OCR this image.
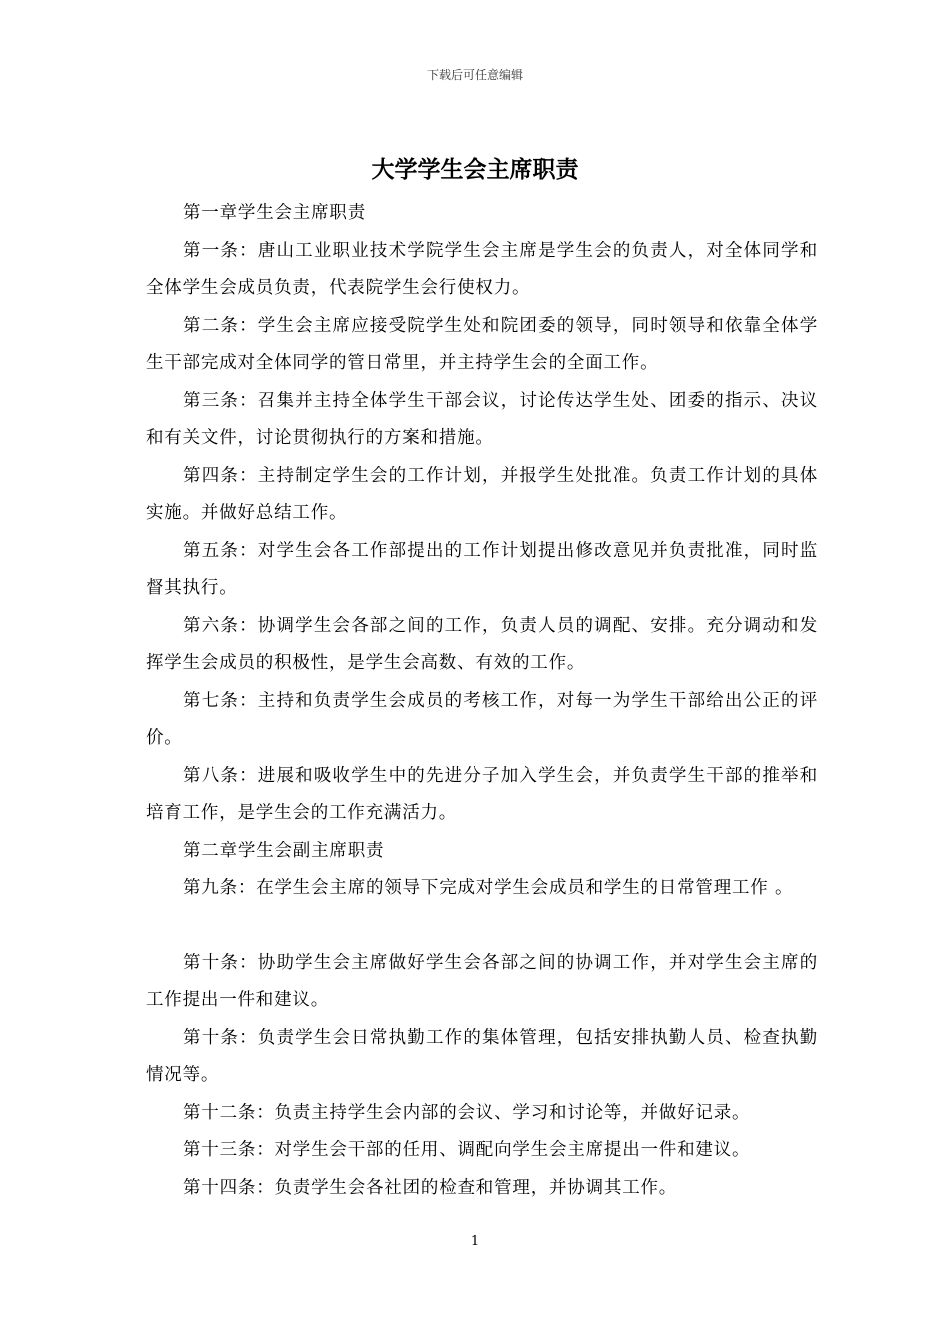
下载后可任意编辑
大学学生会主席职责

第一章学生会主席职责

第一条：唐山工业职业技术学院学生会主席是学生会的负责人，对全体同学和全体学生会成员负责，代表院学生会行使权力。

第二条：学生会主席应接受院学生处和院团委的领导，同时领导和依靠全体学生干部完成对全体同学的管日常里，并主持学生会的全面工作。

第三条：召集并主持全体学生干部会议，讨论传达学生处、团委的指示、决议和有关文件，讨论贯彻执行的方案和措施。

第四条：主持制定学生会的工作计划，并报学生处批准。负责工作计划的具体实施。并做好总结工作。

第五条：对学生会各工作部提出的工作计划提出修改意见并负责批准，同时监督其执行。

第六条：协调学生会各部之间的工作，负责人员的调配、安排。充分调动和发挥学生会成员的积极性，是学生会高数、有效的工作。

第七条：主持和负责学生会成员的考核工作，对每一为学生干部给出公正的评价。

第八条：进展和吸收学生中的先进分子加入学生会，并负责学生干部的推举和培育工作，是学生会的工作充满活力。

第二章学生会副主席职责

第九条：在学生会主席的领导下完成对学生会成员和学生的日常管理工作 。

第十条：协助学生会主席做好学生会各部之间的协调工作，并对学生会主席的工作提出一件和建议。

第十条：负责学生会日常执勤工作的集体管理，包括安排执勤人员、检查执勤情况等。

第十二条：负责主持学生会内部的会议、学习和讨论等，并做好记录。

第十三条：对学生会干部的任用、调配向学生会主席提出一件和建议。

第十四条：负责学生会各社团的检查和管理，并协调其工作。

1
